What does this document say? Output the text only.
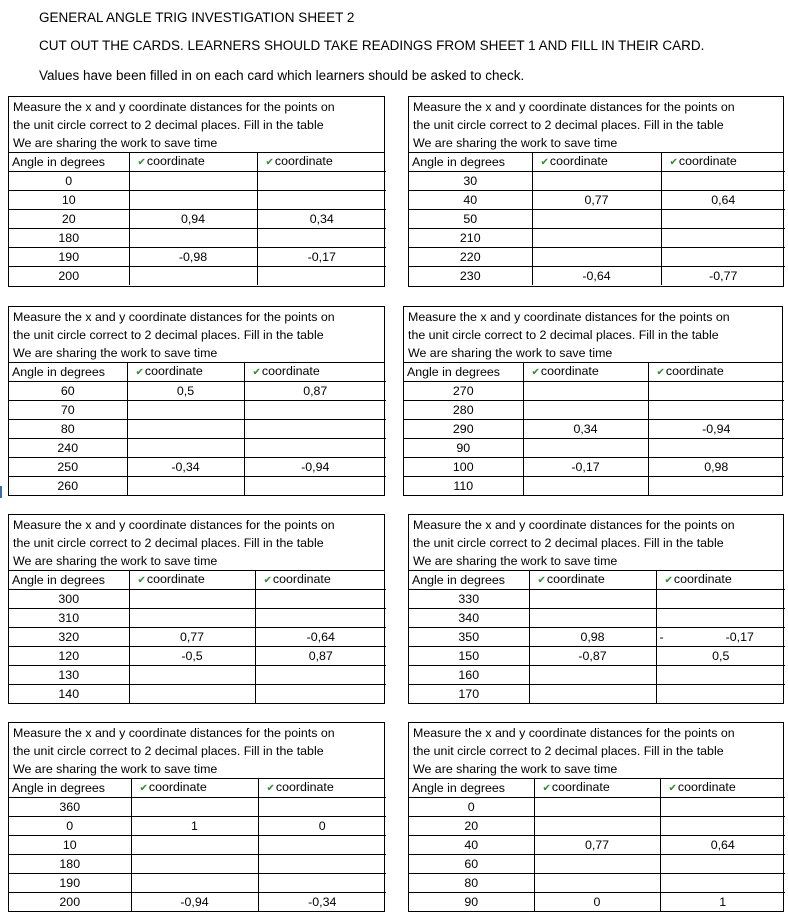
GENERAL ANGLE TRIG INVESTIGATION SHEET 2
CUT OUT THE CARDS. LEARNERS SHOULD TAKE READINGS FROM SHEET 1 AND FILL IN THEIR CARD.
Values have been filled in on each card which learners should be asked to check.
Measure the x and y coordinate distances for the points on
the unit circle correct to 2 decimal places. Fill in the table
We are sharing the work to save time
Angle in degrees	✔coordinate	✔coordinate
0		
10		
20	0,94	0,34
180		
190	-0,98	-0,17
200		
Measure the x and y coordinate distances for the points on
the unit circle correct to 2 decimal places. Fill in the table
We are sharing the work to save time
Angle in degrees	✔coordinate	✔coordinate
30		
40	0,77	0,64
50		
210		
220		
230	-0,64	-0,77
Measure the x and y coordinate distances for the points on
the unit circle correct to 2 decimal places. Fill in the table
We are sharing the work to save time
Angle in degrees	✔coordinate	✔coordinate
60	0,5	0,87
70		
80		
240		
250	-0,34	-0,94
260		
Measure the x and y coordinate distances for the points on
the unit circle correct to 2 decimal places. Fill in the table
We are sharing the work to save time
Angle in degrees	✔coordinate	✔coordinate
270		
280		
290	0,34	-0,94
90		
100	-0,17	0,98
110		
Measure the x and y coordinate distances for the points on
the unit circle correct to 2 decimal places. Fill in the table
We are sharing the work to save time
Angle in degrees	✔coordinate	✔coordinate
300		
310		
320	0,77	-0,64
120	-0,5	0,87
130		
140		
Measure the x and y coordinate distances for the points on
the unit circle correct to 2 decimal places. Fill in the table
We are sharing the work to save time
Angle in degrees	✔coordinate	✔coordinate
330		
340		
350	0,98	- -0,17
150	-0,87	0,5
160		
170		
Measure the x and y coordinate distances for the points on
the unit circle correct to 2 decimal places. Fill in the table
We are sharing the work to save time
Angle in degrees	✔coordinate	✔coordinate
360		
0	1	0
10		
180		
190		
200	-0,94	-0,34
Measure the x and y coordinate distances for the points on
the unit circle correct to 2 decimal places. Fill in the table
We are sharing the work to save time
Angle in degrees	✔coordinate	✔coordinate
0		
20		
40	0,77	0,64
60		
80		
90	0	1
